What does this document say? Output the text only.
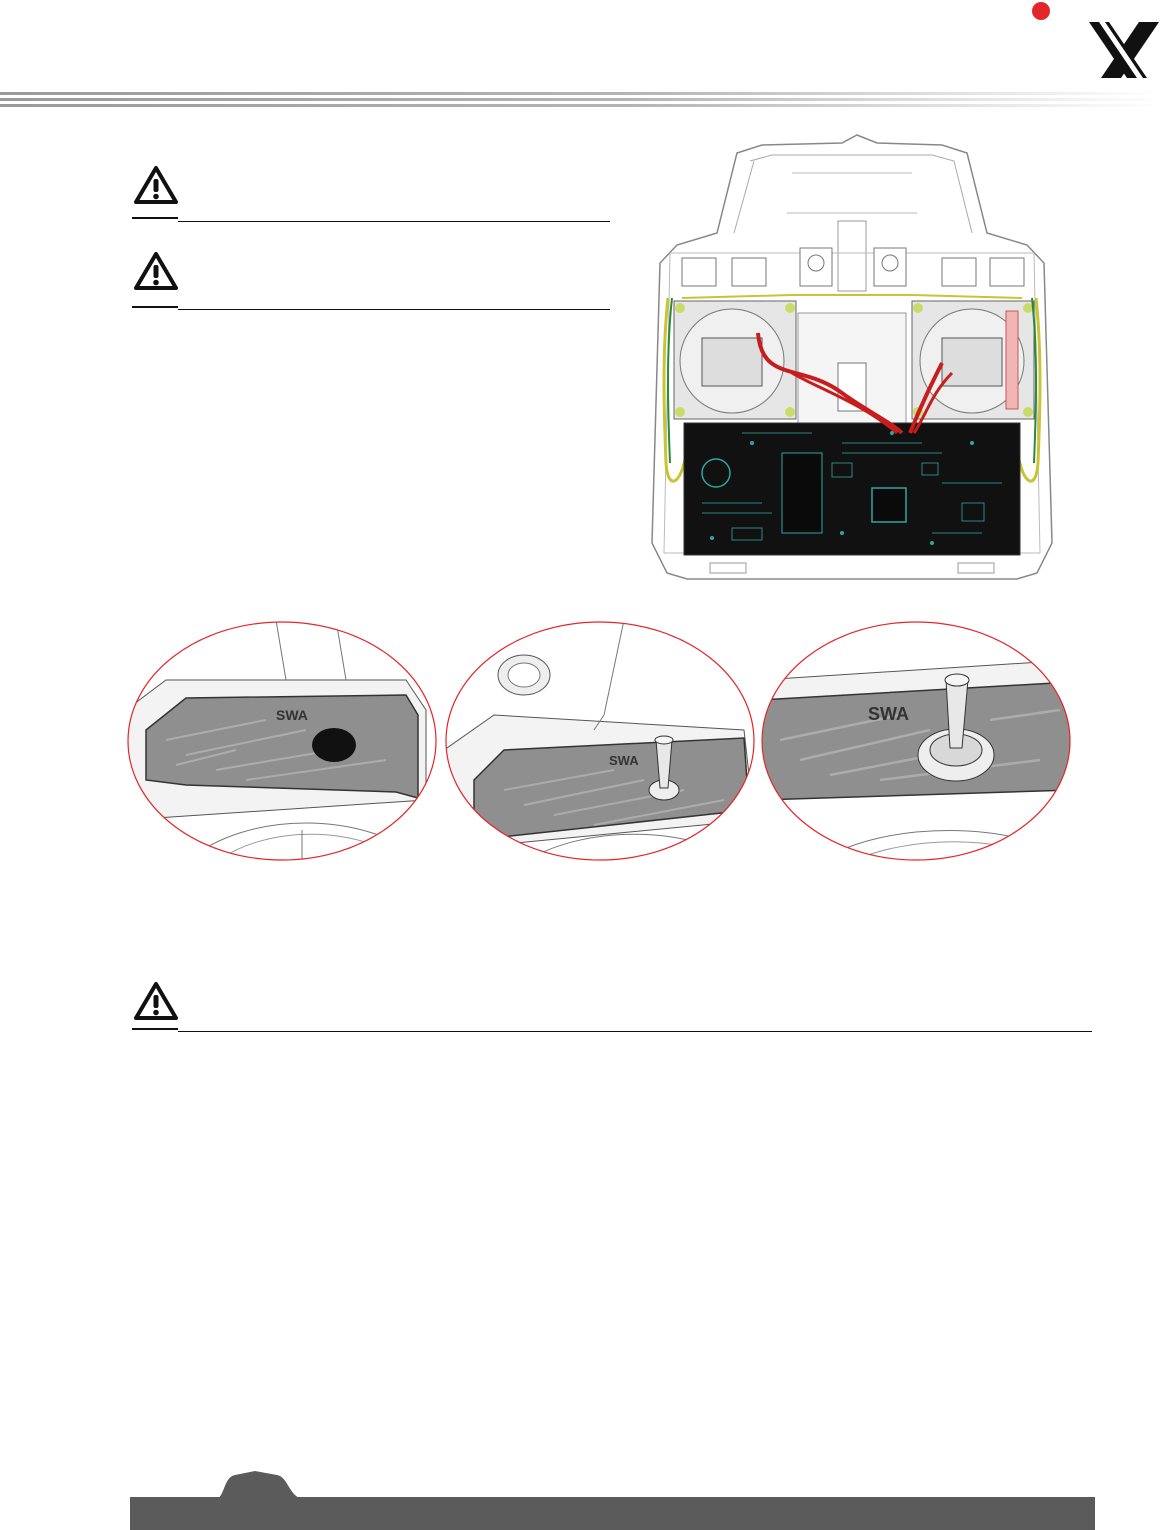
SWA
SWA
SWA
